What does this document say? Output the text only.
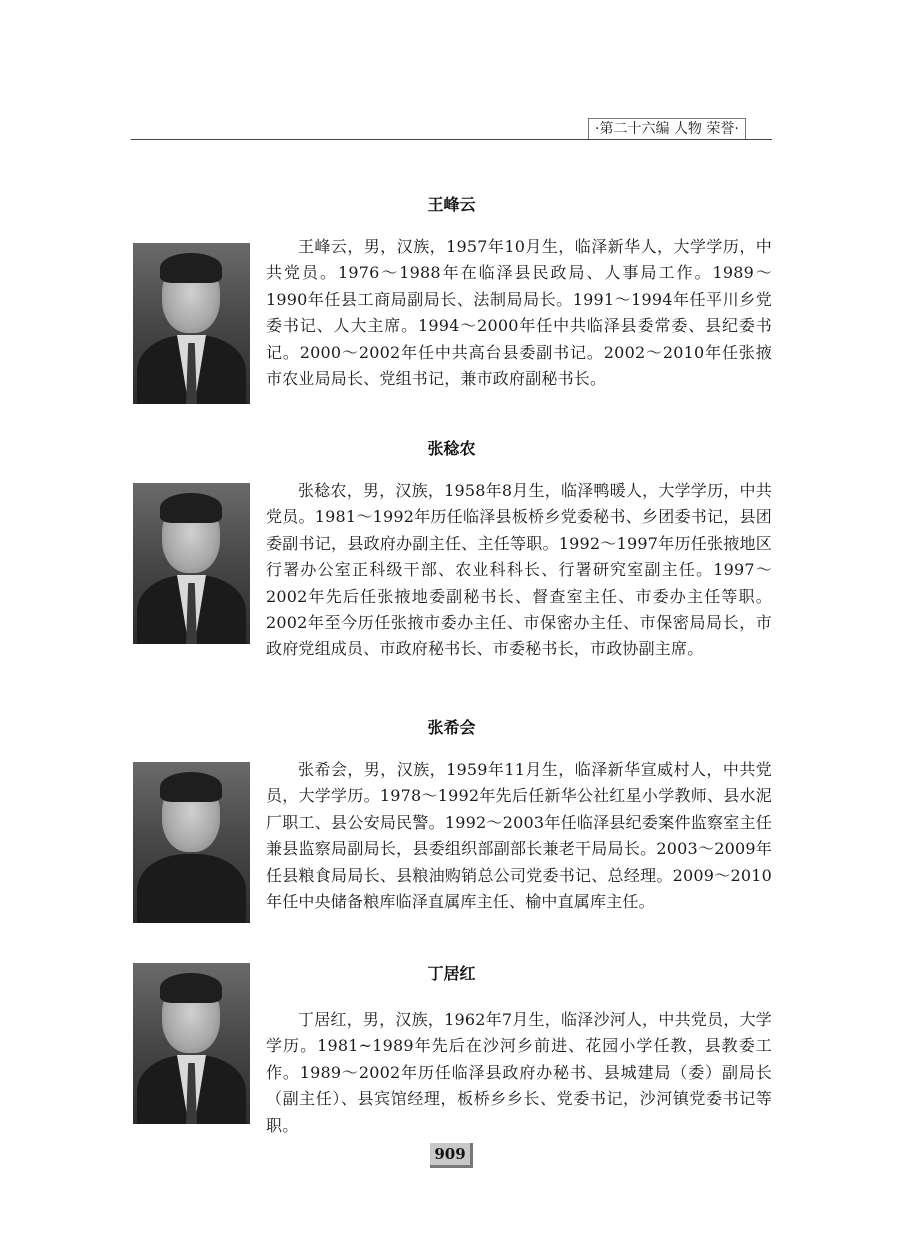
·第二十六编 人物 荣誉·
王峰云

王峰云，男，汉族，1957年10月生，临泽新华人，大学学历，中共党员。1976～1988年在临泽县民政局、人事局工作。1989～1990年任县工商局副局长、法制局局长。1991～1994年任平川乡党委书记、人大主席。1994～2000年任中共临泽县委常委、县纪委书记。2000～2002年任中共高台县委副书记。2002～2010年任张掖市农业局局长、党组书记，兼市政府副秘书长。

张稔农

张稔农，男，汉族，1958年8月生，临泽鸭暖人，大学学历，中共党员。1981～1992年历任临泽县板桥乡党委秘书、乡团委书记，县团委副书记，县政府办副主任、主任等职。1992～1997年历任张掖地区行署办公室正科级干部、农业科科长、行署研究室副主任。1997～2002年先后任张掖地委副秘书长、督查室主任、市委办主任等职。2002年至今历任张掖市委办主任、市保密办主任、市保密局局长，市政府党组成员、市政府秘书长、市委秘书长，市政协副主席。

张希会

张希会，男，汉族，1959年11月生，临泽新华宣威村人，中共党员，大学学历。1978～1992年先后任新华公社红星小学教师、县水泥厂职工、县公安局民警。1992～2003年任临泽县纪委案件监察室主任兼县监察局副局长，县委组织部副部长兼老干局局长。2003～2009年任县粮食局局长、县粮油购销总公司党委书记、总经理。2009～2010年任中央储备粮库临泽直属库主任、榆中直属库主任。

丁居红

丁居红，男，汉族，1962年7月生，临泽沙河人，中共党员，大学学历。1981~1989年先后在沙河乡前进、花园小学任教，县教委工作。1989～2002年历任临泽县政府办秘书、县城建局（委）副局长（副主任）、县宾馆经理，板桥乡乡长、党委书记，沙河镇党委书记等职。

909
